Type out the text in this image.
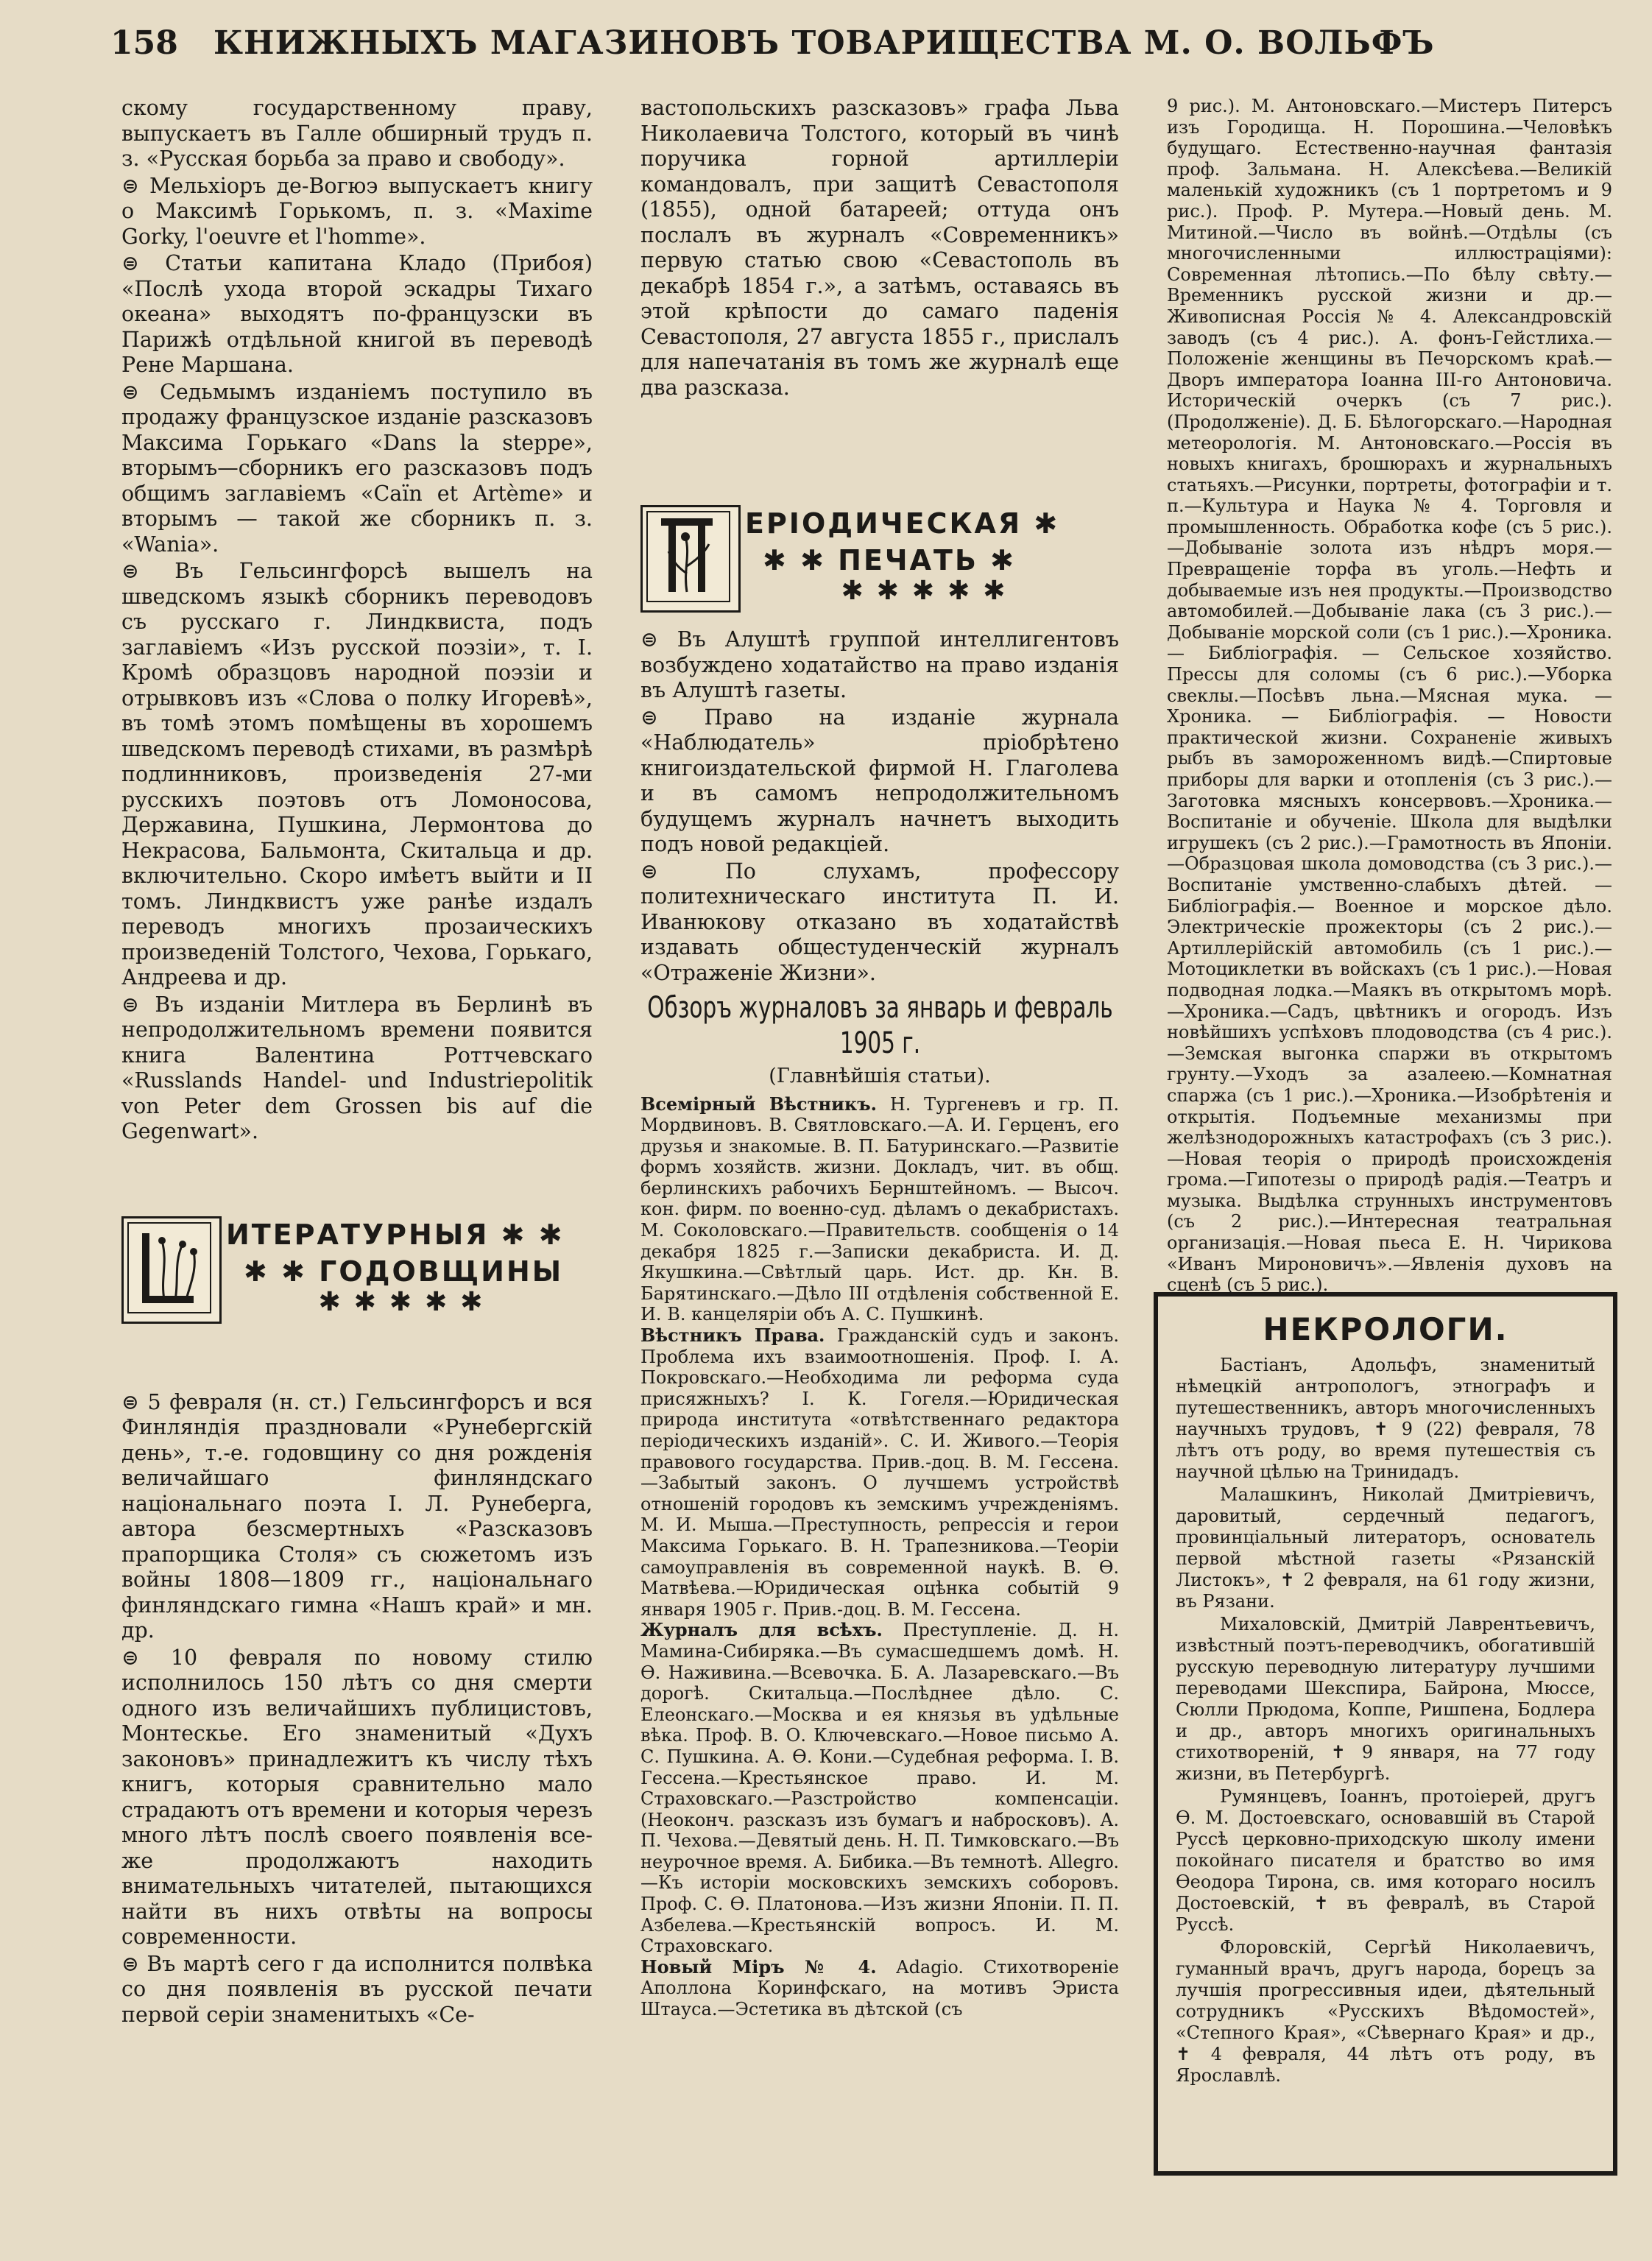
158	КНИЖНЫХЪ МАГАЗИНОВЪ ТОВАРИЩЕСТВА М. О. ВОЛЬФЪ

скому государственному праву, выпускаетъ въ Галле обширный трудъ п. з. «Русская борьба за право и свободу».

⊜ Мельхіоръ де-Вогюэ выпускаетъ книгу о Максимѣ Горькомъ, п. з. «Maxime Gorky, l'oeuvre et l'homme».

⊜ Статьи капитана Кладо (Прибоя) «Послѣ ухода второй эскадры Тихаго океана» выходятъ по-французски въ Парижѣ отдѣльной книгой въ переводѣ Рене Маршана.

⊜ Седьмымъ изданіемъ поступило въ продажу французское изданіе разсказовъ Максима Горькаго «Dans la steppe», вторымъ—сборникъ его разсказовъ подъ общимъ заглавіемъ «Caïn et Artème» и вторымъ — такой же сборникъ п. з. «Wania».

⊜ Въ Гельсингфорсѣ вышелъ на шведскомъ языкѣ сборникъ переводовъ съ русскаго г. Линдквиста, подъ заглавіемъ «Изъ русской поэзіи», т. I. Кромѣ образцовъ народной поэзіи и отрывковъ изъ «Слова о полку Игоревѣ», въ томѣ этомъ помѣщены въ хорошемъ шведскомъ переводѣ стихами, въ размѣрѣ подлинниковъ, произведенія 27-ми русскихъ поэтовъ отъ Ломоносова, Державина, Пушкина, Лермонтова до Некрасова, Бальмонта, Скитальца и др. включительно. Скоро имѣетъ выйти и II томъ. Линдквистъ уже ранѣе издалъ переводъ многихъ прозаическихъ произведеній Толстого, Чехова, Горькаго, Андреева и др.

⊜ Въ изданіи Митлера въ Берлинѣ въ непродолжительномъ времени появится книга Валентина Роттчевскаго «Russlands Handel- und Industriepolitik von Peter dem Grossen bis auf die Gegenwart».

ИТЕРАТУРНЫЯ ✱ ✱
✱ ✱ ГОДОВЩИНЫ
✱✱✱✱✱

⊜ 5 февраля (н. ст.) Гельсингфорсъ и вся Финляндія праздновали «Рунебергскій день», т.-е. годовщину со дня рожденія величайшаго финляндскаго національнаго поэта І. Л. Рунеберга, автора безсмертныхъ «Разсказовъ прапорщика Столя» съ сюжетомъ изъ войны 1808—1809 гг., національнаго финляндскаго гимна «Нашъ край» и мн. др.

⊜ 10 февраля по новому стилю исполнилось 150 лѣтъ со дня смерти одного изъ величайшихъ публицистовъ, Монтескье. Его знаменитый «Духъ законовъ» принадлежитъ къ числу тѣхъ книгъ, которыя сравнительно мало страдаютъ отъ времени и которыя черезъ много лѣтъ послѣ своего появленія все-же продолжаютъ находить внимательныхъ читателей, пытающихся найти въ нихъ отвѣты на вопросы современности.

⊜ Въ мартѣ сего г да исполнится полвѣка со дня появленія въ русской печати первой серіи знаменитыхъ «Се-

вастопольскихъ разсказовъ» графа Льва Николаевича Толстого, который въ чинѣ поручика горной артиллеріи командовалъ, при защитѣ Севастополя (1855), одной батареей; оттуда онъ послалъ въ журналъ «Современникъ» первую статью свою «Севастополь въ декабрѣ 1854 г.», а затѣмъ, оставаясь въ этой крѣпости до самаго паденія Севастополя, 27 августа 1855 г., прислалъ для напечатанія въ томъ же журналѣ еще два разсказа.

ЕРІОДИЧЕСКАЯ ✱
✱ ✱ ПЕЧАТЬ ✱
✱✱✱✱✱

⊜ Въ Алуштѣ группой интеллигентовъ возбуждено ходатайство на право изданія въ Алуштѣ газеты.

⊜ Право на изданіе журнала «Наблюдатель» пріобрѣтено книгоиздательской фирмой Н. Глаголева и въ самомъ непродолжительномъ будущемъ журналъ начнетъ выходить подъ новой редакціей.

⊜ По слухамъ, профессору политехническаго института П. И. Иванюкову отказано въ ходатайствѣ издавать общестуденческій журналъ «Отраженіе Жизни».

Обзоръ журналовъ за январь и февраль 1905 г.
(Главнѣйшія статьи).

Всемірный Вѣстникъ. Н. Тургеневъ и гр. П. Мордвиновъ. В. Святловскаго.—А. И. Герценъ, его друзья и знакомые. В. П. Батуринскаго.—Развитіе формъ хозяйств. жизни. Докладъ, чит. въ общ. берлинскихъ рабочихъ Бернштейномъ. — Высоч. кон. фирм. по военно-суд. дѣламъ о декабристахъ. М. Соколовскаго.—Правительств. сообщенія о 14 декабря 1825 г.—Записки декабриста. И. Д. Якушкина.—Свѣтлый царь. Ист. др. Кн. В. Барятинскаго.—Дѣло III отдѣленія собственной Е. И. В. канцеляріи объ А. С. Пушкинѣ.

Вѣстникъ Права. Гражданскій судъ и законъ. Проблема ихъ взаимоотношенія. Проф. I. А. Покровскаго.—Необходима ли реформа суда присяжныхъ? I. К. Гогеля.—Юридическая природа института «отвѣтственнаго редактора періодическихъ изданій». С. И. Живого.—Теорія правового государства. Прив.-доц. В. М. Гессена.—Забытый законъ. О лучшемъ устройствѣ отношеній городовъ къ земскимъ учрежденіямъ. М. И. Мыша.—Преступность, репрессія и герои Максима Горькаго. В. Н. Трапезникова.—Теоріи самоуправленія въ современной наукѣ. В. Ѳ. Матвѣева.—Юридическая оцѣнка событій 9 января 1905 г. Прив.-доц. В. М. Гессена.

Журналъ для всѣхъ. Преступленіе. Д. Н. Мамина-Сибиряка.—Въ сумасшедшемъ домѣ. Н. Ѳ. Наживина.—Всевочка. Б. А. Лазаревскаго.—Въ дорогѣ. Скитальца.—Послѣднее дѣло. С. Елеонскаго.—Москва и ея князья въ удѣльные вѣка. Проф. В. О. Ключевскаго.—Новое письмо А. С. Пушкина. А. Ѳ. Кони.—Судебная реформа. I. В. Гессена.—Крестьянское право. И. М. Страховскаго.—Разстройство компенсаціи. (Неоконч. разсказъ изъ бумагъ и набросковъ). А. П. Чехова.—Девятый день. Н. П. Тимковскаго.—Въ неурочное время. А. Бибика.—Въ темнотѣ. Allegro.—Къ исторіи московскихъ земскихъ соборовъ. Проф. С. Ѳ. Платонова.—Изъ жизни Японіи. П. П. Азбелева.—Крестьянскій вопросъ. И. М. Страховскаго.

Новый Міръ № 4. Adagio. Стихотвореніе Аполлона Коринфскаго, на мотивъ Эриста Штауса.—Эстетика въ дѣтской (съ

9 рис.). М. Антоновскаго.—Мистеръ Питерсъ изъ Городища. Н. Порошина.—Человѣкъ будущаго. Естественно-научная фантазія проф. Зальмана. Н. Алексѣева.—Великій маленькій художникъ (съ 1 портретомъ и 9 рис.). Проф. Р. Мутера.—Новый день. М. Митиной.—Число въ войнѣ.—Отдѣлы (съ многочисленными иллюстраціями): Современная лѣтопись.—По бѣлу свѣту.—Временникъ русской жизни и др.—Живописная Россія № 4. Александровскій заводъ (съ 4 рис.). А. фонъ-Гейстлиха.—Положеніе женщины въ Печорскомъ краѣ.—Дворъ императора Іоанна III-го Антоновича. Историческій очеркъ (съ 7 рис.). (Продолженіе). Д. Б. Бѣлогорскаго.—Народная метеорологія. М. Антоновскаго.—Россія въ новыхъ книгахъ, брошюрахъ и журнальныхъ статьяхъ.—Рисунки, портреты, фотографіи и т. п.—Культура и Наука № 4. Торговля и промышленность. Обработка кофе (съ 5 рис.).—Добываніе золота изъ нѣдръ моря.—Превращеніе торфа въ уголь.—Нефть и добываемые изъ нея продукты.—Производство автомобилей.—Добываніе лака (съ 3 рис.).—Добываніе морской соли (съ 1 рис.).—Хроника. — Библіографія. — Сельское хозяйство. Прессы для соломы (съ 6 рис.).—Уборка свеклы.—Посѣвъ льна.—Мясная мука. — Хроника. — Библіографія. — Новости практической жизни. Сохраненіе живыхъ рыбъ въ замороженномъ видѣ.—Спиртовые приборы для варки и отопленія (съ 3 рис.).—Заготовка мясныхъ консервовъ.—Хроника.—Воспитаніе и обученіе. Школа для выдѣлки игрушекъ (съ 2 рис.).—Грамотность въ Японіи.—Образцовая школа домоводства (съ 3 рис.).—Воспитаніе умственно-слабыхъ дѣтей. — Библіографія.— Военное и морское дѣло. Электрическіе прожекторы (съ 2 рис.).—Артиллерійскій автомобиль (съ 1 рис.).—Мотоциклетки въ войскахъ (съ 1 рис.).—Новая подводная лодка.—Маякъ въ открытомъ морѣ.—Хроника.—Садъ, цвѣтникъ и огородъ. Изъ новѣйшихъ успѣховъ плодоводства (съ 4 рис.).—Земская выгонка спаржи въ открытомъ грунту.—Уходъ за азалеею.—Комнатная спаржа (съ 1 рис.).—Хроника.—Изобрѣтенія и открытія. Подъемные механизмы при желѣзнодорожныхъ катастрофахъ (съ 3 рис.).—Новая теорія о природѣ происхожденія грома.—Гипотезы о природѣ радія.—Театръ и музыка. Выдѣлка струнныхъ инструментовъ (съ 2 рис.).—Интересная театральная организація.—Новая пьеса Е. Н. Чирикова «Иванъ Мироновичъ».—Явленія духовъ на сценѣ (съ 5 рис.).

НЕКРОЛОГИ.

Бастіанъ, Адольфъ, знаменитый нѣмецкій антропологъ, этнографъ и путешественникъ, авторъ многочисленныхъ научныхъ трудовъ, ✝ 9 (22) февраля, 78 лѣтъ отъ роду, во время путешествія съ научной цѣлью на Тринидадъ.

Малашкинъ, Николай Дмитріевичъ, даровитый, сердечный педагогъ, провинціальный литераторъ, основатель первой мѣстной газеты «Рязанскій Листокъ», ✝ 2 февраля, на 61 году жизни, въ Рязани.

Михаловскій, Дмитрій Лаврентьевичъ, извѣстный поэтъ-переводчикъ, обогатившій русскую переводную литературу лучшими переводами Шекспира, Байрона, Мюссе, Сюлли Прюдома, Коппе, Ришпена, Бодлера и др., авторъ многихъ оригинальныхъ стихотвореній, ✝ 9 января, на 77 году жизни, въ Петербургѣ.

Румянцевъ, Іоаннъ, протоіерей, другъ Ѳ. М. Достоевскаго, основавшій въ Старой Руссѣ церковно-приходскую школу имени покойнаго писателя и братство во имя Ѳеодора Тирона, св. имя котораго носилъ Достоевскій, ✝ въ февралѣ, въ Старой Руссѣ.

Флоровскій, Сергѣй Николаевичъ, гуманный врачъ, другъ народа, борецъ за лучшія прогрессивныя идеи, дѣятельный сотрудникъ «Русскихъ Вѣдомостей», «Степного Края», «Сѣвернаго Края» и др., ✝ 4 февраля, 44 лѣтъ отъ роду, въ Ярославлѣ.
